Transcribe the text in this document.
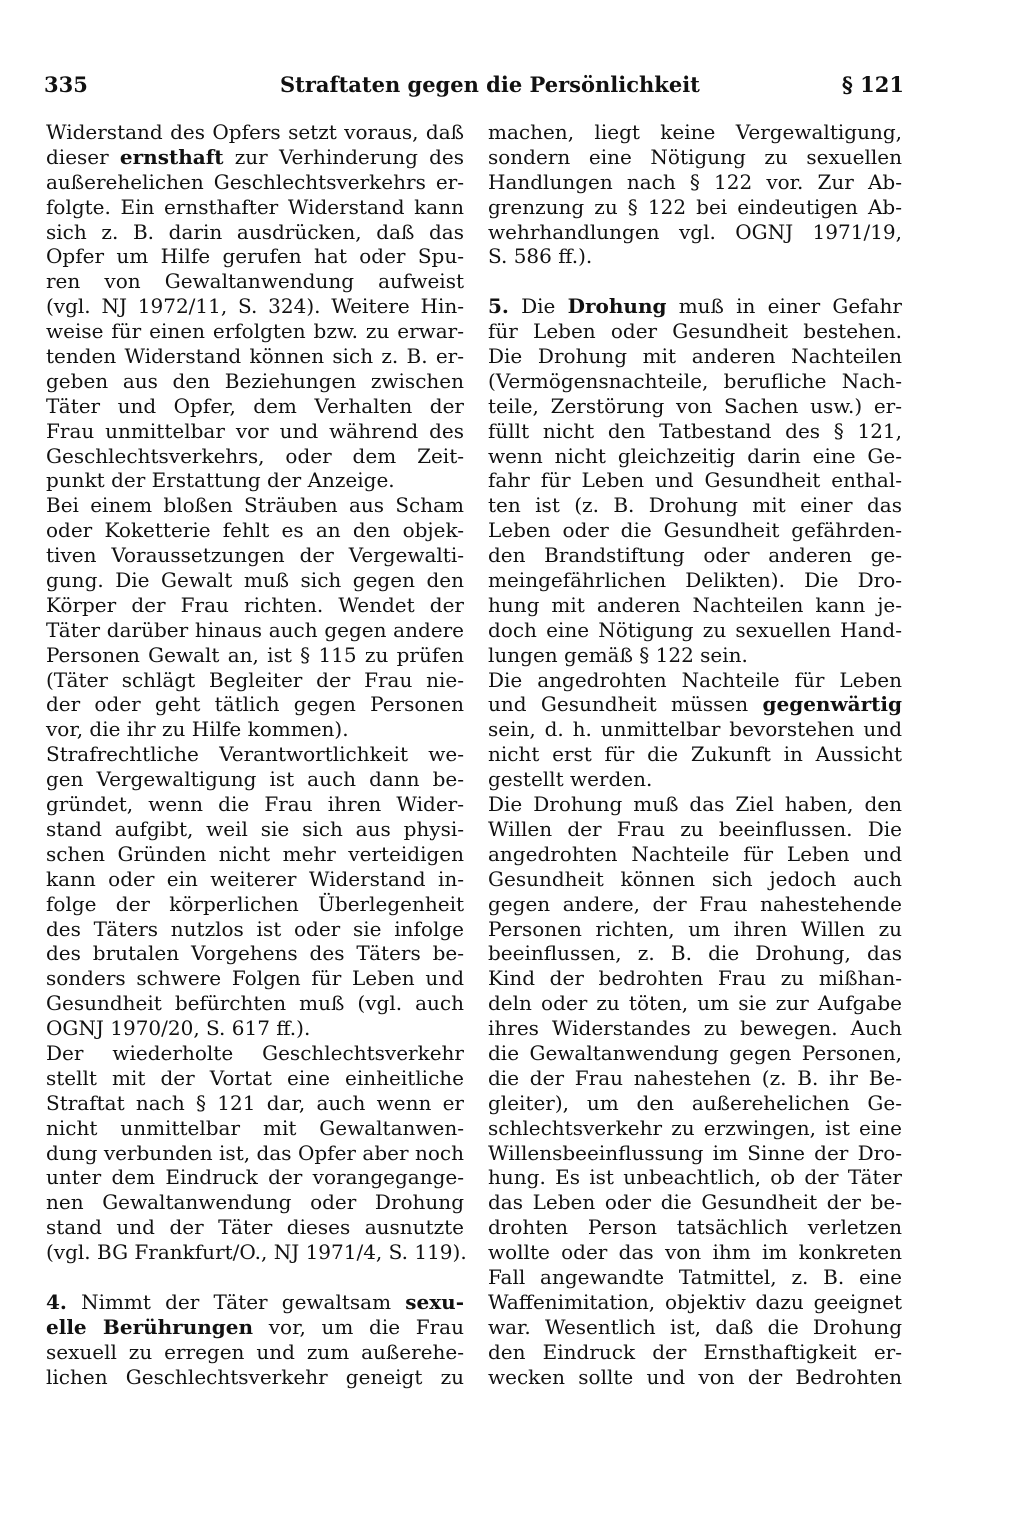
335	Straftaten gegen die Persönlichkeit	§ 121
Widerstand des Opfers setzt voraus, daß
dieser ernsthaft zur Verhinderung des
außerehelichen Geschlechtsverkehrs er-
folgte. Ein ernsthafter Widerstand kann
sich z. B. darin ausdrücken, daß das
Opfer um Hilfe gerufen hat oder Spu-
ren von Gewaltanwendung aufweist
(vgl. NJ 1972/11, S. 324). Weitere Hin-
weise für einen erfolgten bzw. zu erwar-
tenden Widerstand können sich z. B. er-
geben aus den Beziehungen zwischen
Täter und Opfer, dem Verhalten der
Frau unmittelbar vor und während des
Geschlechtsverkehrs, oder dem Zeit-
punkt der Erstattung der Anzeige.
Bei einem bloßen Sträuben aus Scham
oder Koketterie fehlt es an den objek-
tiven Voraussetzungen der Vergewalti-
gung. Die Gewalt muß sich gegen den
Körper der Frau richten. Wendet der
Täter darüber hinaus auch gegen andere
Personen Gewalt an, ist § 115 zu prüfen
(Täter schlägt Begleiter der Frau nie-
der oder geht tätlich gegen Personen
vor, die ihr zu Hilfe kommen).
Strafrechtliche Verantwortlichkeit we-
gen Vergewaltigung ist auch dann be-
gründet, wenn die Frau ihren Wider-
stand aufgibt, weil sie sich aus physi-
schen Gründen nicht mehr verteidigen
kann oder ein weiterer Widerstand in-
folge der körperlichen Überlegenheit
des Täters nutzlos ist oder sie infolge
des brutalen Vorgehens des Täters be-
sonders schwere Folgen für Leben und
Gesundheit befürchten muß (vgl. auch
OGNJ 1970/20, S. 617 ff.).
Der wiederholte Geschlechtsverkehr
stellt mit der Vortat eine einheitliche
Straftat nach § 121 dar, auch wenn er
nicht unmittelbar mit Gewaltanwen-
dung verbunden ist, das Opfer aber noch
unter dem Eindruck der vorangegange-
nen Gewaltanwendung oder Drohung
stand und der Täter dieses ausnutzte
(vgl. BG Frankfurt/O., NJ 1971/4, S. 119).
4. Nimmt der Täter gewaltsam sexu-
elle Berührungen vor, um die Frau
sexuell zu erregen und zum außerehe-
lichen Geschlechtsverkehr geneigt zu
machen, liegt keine Vergewaltigung,
sondern eine Nötigung zu sexuellen
Handlungen nach § 122 vor. Zur Ab-
grenzung zu § 122 bei eindeutigen Ab-
wehrhandlungen vgl. OGNJ 1971/19,
S. 586 ff.).
5. Die Drohung muß in einer Gefahr
für Leben oder Gesundheit bestehen.
Die Drohung mit anderen Nachteilen
(Vermögensnachteile, berufliche Nach-
teile, Zerstörung von Sachen usw.) er-
füllt nicht den Tatbestand des § 121,
wenn nicht gleichzeitig darin eine Ge-
fahr für Leben und Gesundheit enthal-
ten ist (z. B. Drohung mit einer das
Leben oder die Gesundheit gefährden-
den Brandstiftung oder anderen ge-
meingefährlichen Delikten). Die Dro-
hung mit anderen Nachteilen kann je-
doch eine Nötigung zu sexuellen Hand-
lungen gemäß § 122 sein.
Die angedrohten Nachteile für Leben
und Gesundheit müssen gegenwärtig
sein, d. h. unmittelbar bevorstehen und
nicht erst für die Zukunft in Aussicht
gestellt werden.
Die Drohung muß das Ziel haben, den
Willen der Frau zu beeinflussen. Die
angedrohten Nachteile für Leben und
Gesundheit können sich jedoch auch
gegen andere, der Frau nahestehende
Personen richten, um ihren Willen zu
beeinflussen, z. B. die Drohung, das
Kind der bedrohten Frau zu mißhan-
deln oder zu töten, um sie zur Aufgabe
ihres Widerstandes zu bewegen. Auch
die Gewaltanwendung gegen Personen,
die der Frau nahestehen (z. B. ihr Be-
gleiter), um den außerehelichen Ge-
schlechtsverkehr zu erzwingen, ist eine
Willensbeeinflussung im Sinne der Dro-
hung. Es ist unbeachtlich, ob der Täter
das Leben oder die Gesundheit der be-
drohten Person tatsächlich verletzen
wollte oder das von ihm im konkreten
Fall angewandte Tatmittel, z. B. eine
Waffenimitation, objektiv dazu geeignet
war. Wesentlich ist, daß die Drohung
den Eindruck der Ernsthaftigkeit er-
wecken sollte und von der Bedrohten
